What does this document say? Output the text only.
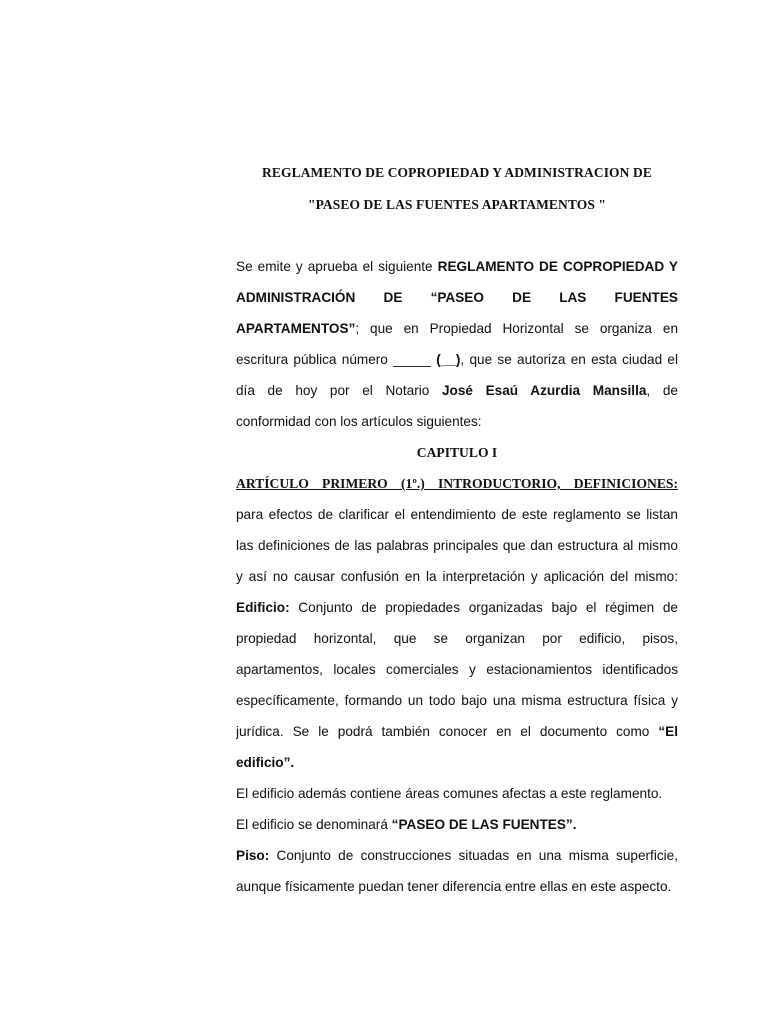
REGLAMENTO DE COPROPIEDAD Y ADMINISTRACION DE
"PASEO DE LAS FUENTES APARTAMENTOS "
Se emite y aprueba el siguiente REGLAMENTO DE COPROPIEDAD Y
ADMINISTRACIÓN DE “PASEO DE LAS FUENTES
APARTAMENTOS”; que en Propiedad Horizontal se organiza en
escritura pública número _____ (__), que se autoriza en esta ciudad el
día de hoy por el Notario José Esaú Azurdia Mansilla, de
conformidad con los artículos siguientes:
CAPITULO I
ARTÍCULO PRIMERO (1º.) INTRODUCTORIO, DEFINICIONES:
para efectos de clarificar el entendimiento de este reglamento se listan
las definiciones de las palabras principales que dan estructura al mismo
y así no causar confusión en la interpretación y aplicación del mismo:
Edificio: Conjunto de propiedades organizadas bajo el régimen de
propiedad horizontal, que se organizan por edificio, pisos,
apartamentos, locales comerciales y estacionamientos identificados
específicamente, formando un todo bajo una misma estructura física y
jurídica. Se le podrá también conocer en el documento como “El
edificio”.
El edificio además contiene áreas comunes afectas a este reglamento.
El edificio se denominará “PASEO DE LAS FUENTES”.
Piso: Conjunto de construcciones situadas en una misma superficie,
aunque físicamente puedan tener diferencia entre ellas en este aspecto.
